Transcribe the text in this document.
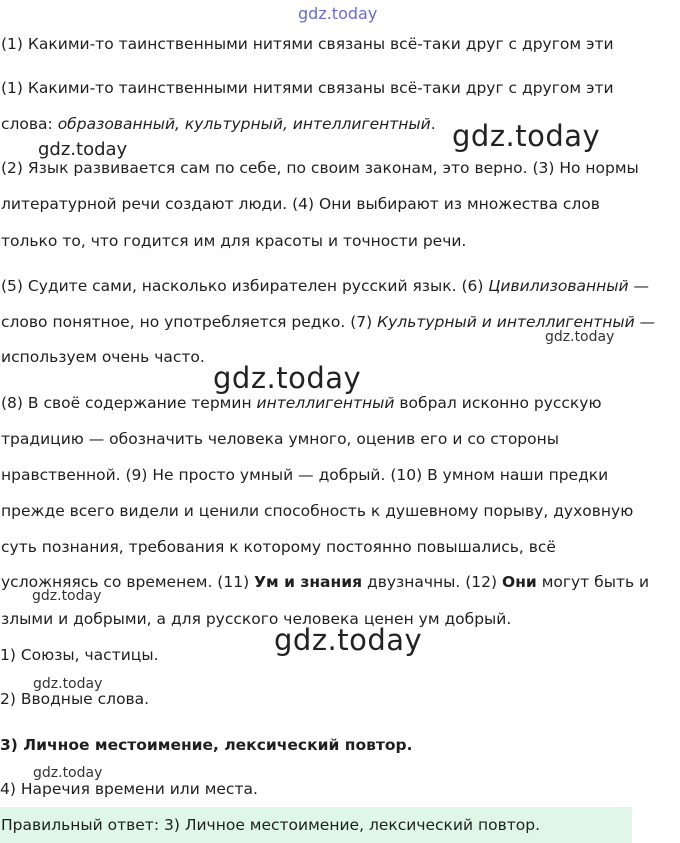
gdz.today
(1) Какими-то таинственными нитями связаны всё-таки друг с другом эти
(1) Какими-то таинственными нитями связаны всё-таки друг с другом эти
слова: образованный, культурный, интеллигентный.
(2) Язык развивается сам по себе, по своим законам, это верно. (3) Но нормы
литературной речи создают люди. (4) Они выбирают из множества слов
только то, что годится им для красоты и точности речи.
(5) Судите сами, насколько избирателен русский язык. (6) Цивилизованный —
слово понятное, но употребляется редко. (7) Культурный и интеллигентный —
используем очень часто.
(8) В своё содержание термин интеллигентный вобрал исконно русскую
традицию — обозначить человека умного, оценив его и со стороны
нравственной. (9) Не просто умный — добрый. (10) В умном наши предки
прежде всего видели и ценили способность к душевному порыву, духовную
суть познания, требования к которому постоянно повышались, всё
усложняясь со временем. (11) Ум и знания двузначны. (12) Они могут быть и
злыми и добрыми, а для русского человека ценен ум добрый.
1) Союзы, частицы.
2) Вводные слова.
3) Личное местоимение, лексический повтор.
4) Наречия времени или места.
Правильный ответ: 3) Личное местоимение, лексический повтор.
gdz.today
gdz.today
gdz.today
gdz.today
gdz.today
gdz.today
gdz.today
gdz.today
